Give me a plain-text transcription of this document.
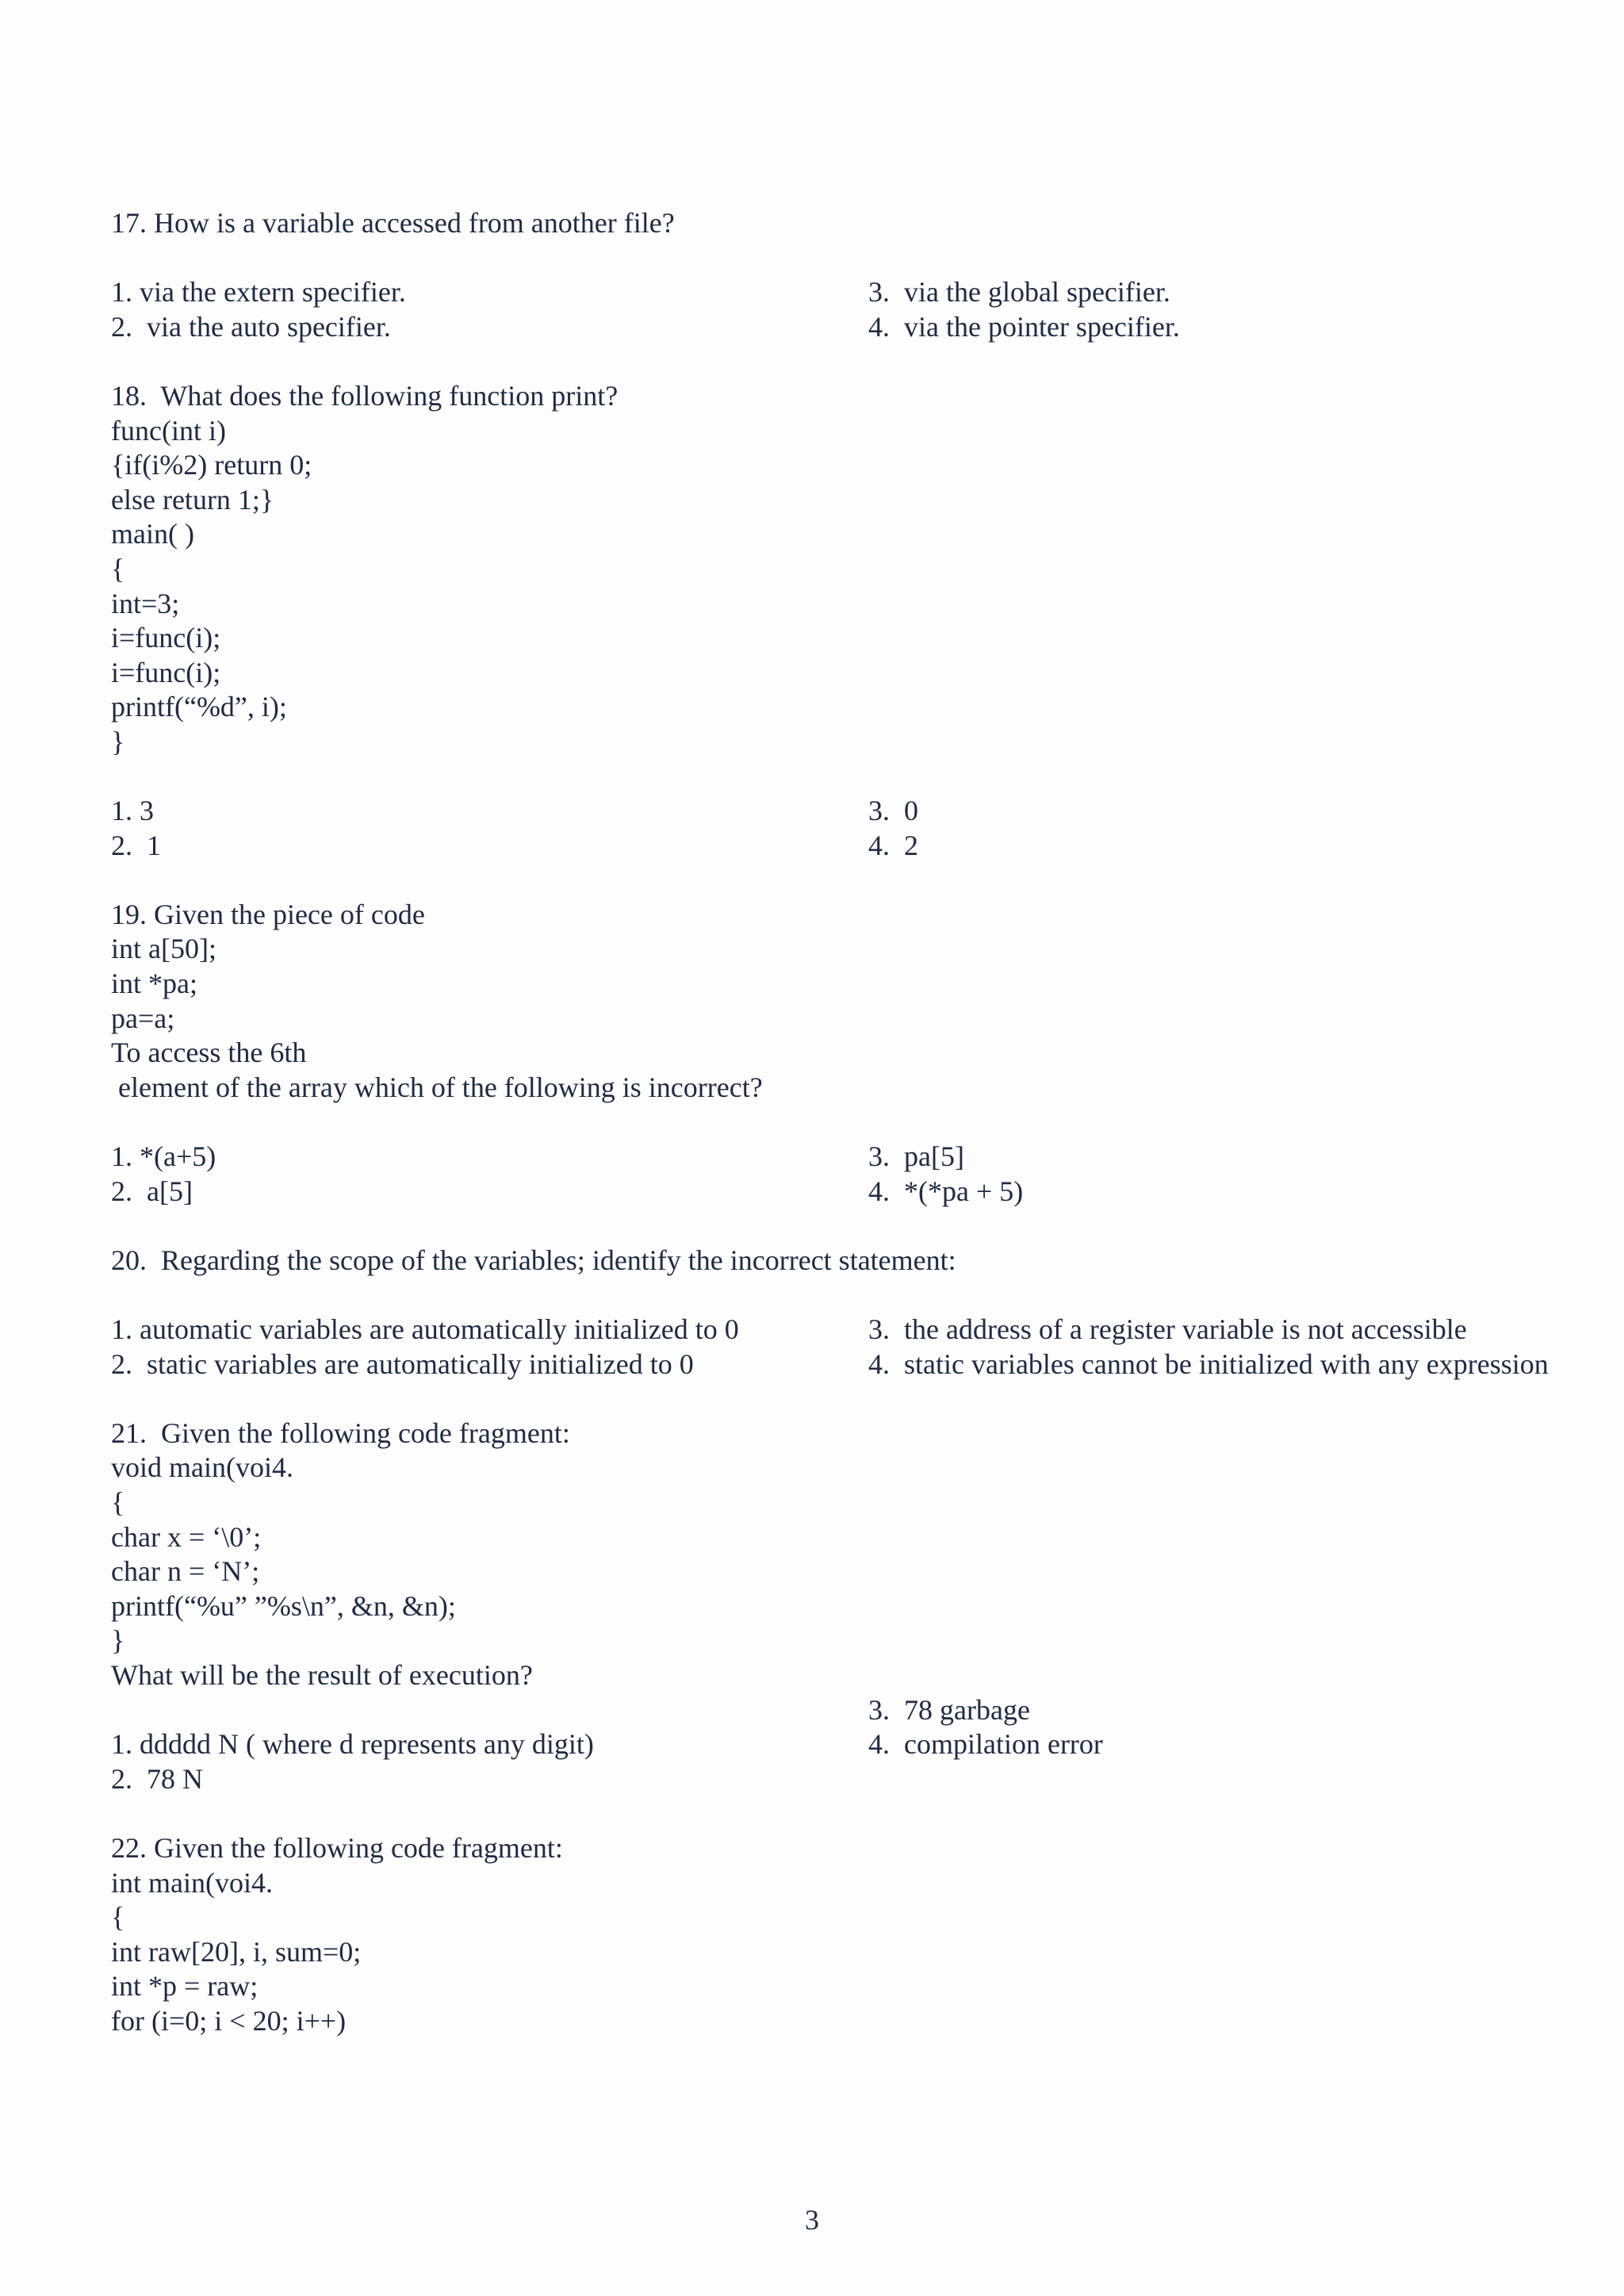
17. How is a variable accessed from another file?
1. via the extern specifier.
2.  via the auto specifier.
3.  via the global specifier.
4.  via the pointer specifier.
18.  What does the following function print?
func(int i)
{if(i%2) return 0;
else return 1;}
main( )
{
int=3;
i=func(i);
i=func(i);
printf(“%d”, i);
}
1. 3
2.  1
3.  0
4.  2
19. Given the piece of code
int a[50];
int *pa;
pa=a;
To access the 6th
element of the array which of the following is incorrect?
1. *(a+5)
2.  a[5]
3.  pa[5]
4.  *(*pa + 5)
20.  Regarding the scope of the variables; identify the incorrect statement:
1. automatic variables are automatically initialized to 0
2.  static variables are automatically initialized to 0
3.  the address of a register variable is not accessible
4.  static variables cannot be initialized with any expression
21.  Given the following code fragment:
void main(voi4.
{
char x = ‘\0’;
char n = ‘N’;
printf(“%u” ”%s\n”, &n, &n);
}
What will be the result of execution?
3.  78 garbage
1. ddddd N ( where d represents any digit)	4.  compilation error
2.  78 N
22. Given the following code fragment:
int main(voi4.
{
int raw[20], i, sum=0;
int *p = raw;
for (i=0; i < 20; i++)
3
